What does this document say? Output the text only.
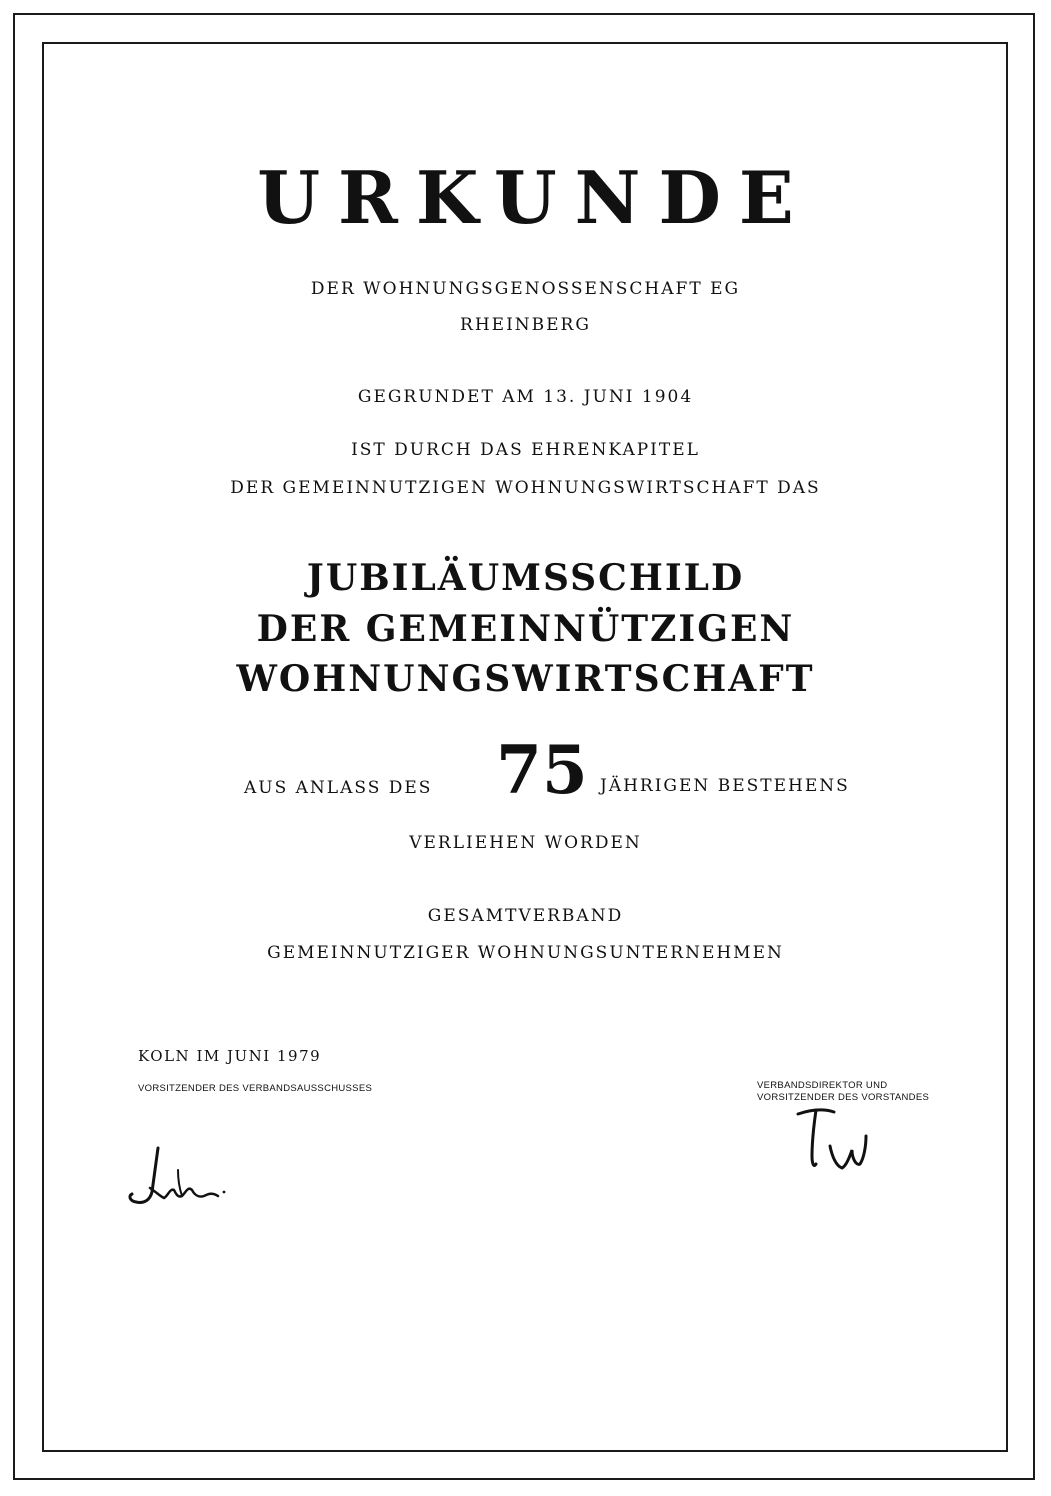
URKUNDE
DER WOHNUNGSGENOSSENSCHAFT EG
RHEINBERG
GEGRUNDET AM 13. JUNI 1904
IST DURCH DAS EHRENKAPITEL
DER GEMEINNUTZIGEN WOHNUNGSWIRTSCHAFT DAS
JUBILÄUMSSCHILD
DER GEMEINNÜTZIGEN
WOHNUNGSWIRTSCHAFT
AUS ANLASS DES 75 JÄHRIGEN BESTEHENS
VERLIEHEN WORDEN
GESAMTVERBAND
GEMEINNUTZIGER WOHNUNGSUNTERNEHMEN
KOLN IM JUNI 1979
VORSITZENDER DES VERBANDSAUSSCHUSSES	VERBANDSDIREKTOR UND
VORSITZENDER DES VORSTANDES
